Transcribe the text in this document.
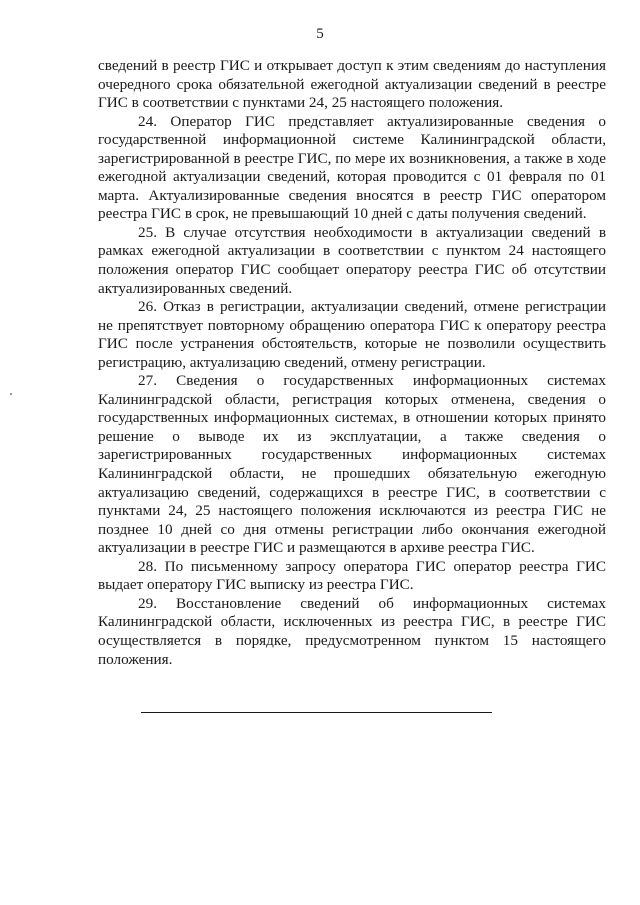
5

сведений в реестр ГИС и открывает доступ к этим сведениям до наступления очередного срока обязательной ежегодной актуализации сведений в реестре ГИС в соответствии с пунктами 24, 25 настоящего положения.

24. Оператор ГИС представляет актуализированные сведения о государственной информационной системе Калининградской области, зарегистрированной в реестре ГИС, по мере их возникновения, а также в ходе ежегодной актуализации сведений, которая проводится с 01 февраля по 01 марта. Актуализированные сведения вносятся в реестр ГИС оператором реестра ГИС в срок, не превышающий 10 дней с даты получения сведений.

25. В случае отсутствия необходимости в актуализации сведений в рамках ежегодной актуализации в соответствии с пунктом 24 настоящего положения оператор ГИС сообщает оператору реестра ГИС об отсутствии актуализированных сведений.

26. Отказ в регистрации, актуализации сведений, отмене регистрации не препятствует повторному обращению оператора ГИС к оператору реестра ГИС после устранения обстоятельств, которые не позволили осуществить регистрацию, актуализацию сведений, отмену регистрации.

27. Сведения о государственных информационных системах Калининградской области, регистрация которых отменена, сведения о государственных информационных системах, в отношении которых принято решение о выводе их из эксплуатации, а также сведения о зарегистрированных государственных информационных системах Калининградской области, не прошедших обязательную ежегодную актуализацию сведений, содержащихся в реестре ГИС, в соответствии с пунктами 24, 25 настоящего положения исключаются из реестра ГИС не позднее 10 дней со дня отмены регистрации либо окончания ежегодной актуализации в реестре ГИС и размещаются в архиве реестра ГИС.

28. По письменному запросу оператора ГИС оператор реестра ГИС выдает оператору ГИС выписку из реестра ГИС.

29. Восстановление сведений об информационных системах Калининградской области, исключенных из реестра ГИС, в реестре ГИС осуществляется в порядке, предусмотренном пунктом 15 настоящего положения.
